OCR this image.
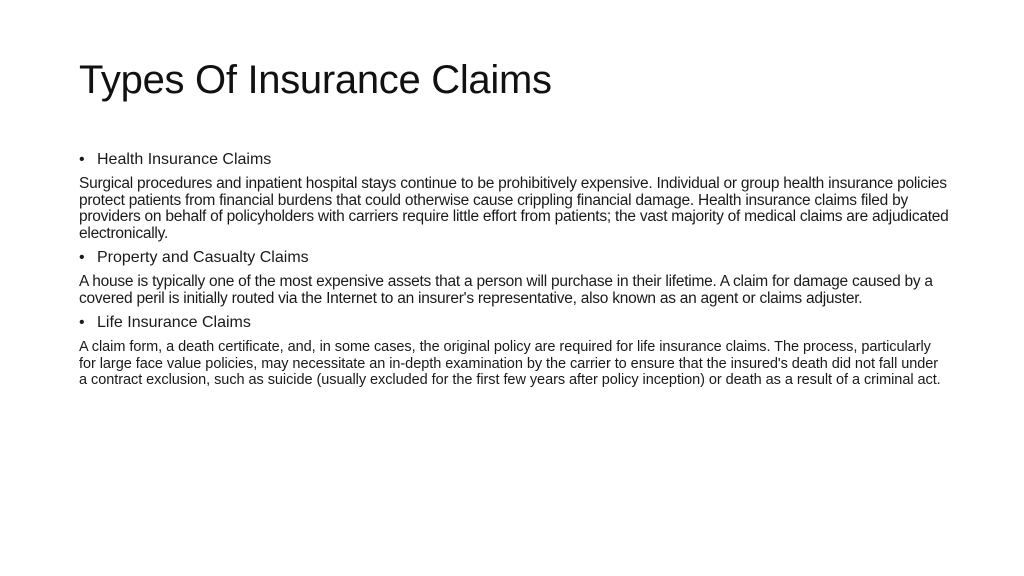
Types Of Insurance Claims
• Health Insurance Claims

Surgical procedures and inpatient hospital stays continue to be prohibitively expensive. Individual or group health insurance policies protect patients from financial burdens that could otherwise cause crippling financial damage. Health insurance claims filed by providers on behalf of policyholders with carriers require little effort from patients; the vast majority of medical claims are adjudicated electronically.

• Property and Casualty Claims

A house is typically one of the most expensive assets that a person will purchase in their lifetime. A claim for damage caused by a covered peril is initially routed via the Internet to an insurer's representative, also known as an agent or claims adjuster.

• Life Insurance Claims

A claim form, a death certificate, and, in some cases, the original policy are required for life insurance claims. The process, particularly for large face value policies, may necessitate an in-depth examination by the carrier to ensure that the insured's death did not fall under a contract exclusion, such as suicide (usually excluded for the first few years after policy inception) or death as a result of a criminal act.
